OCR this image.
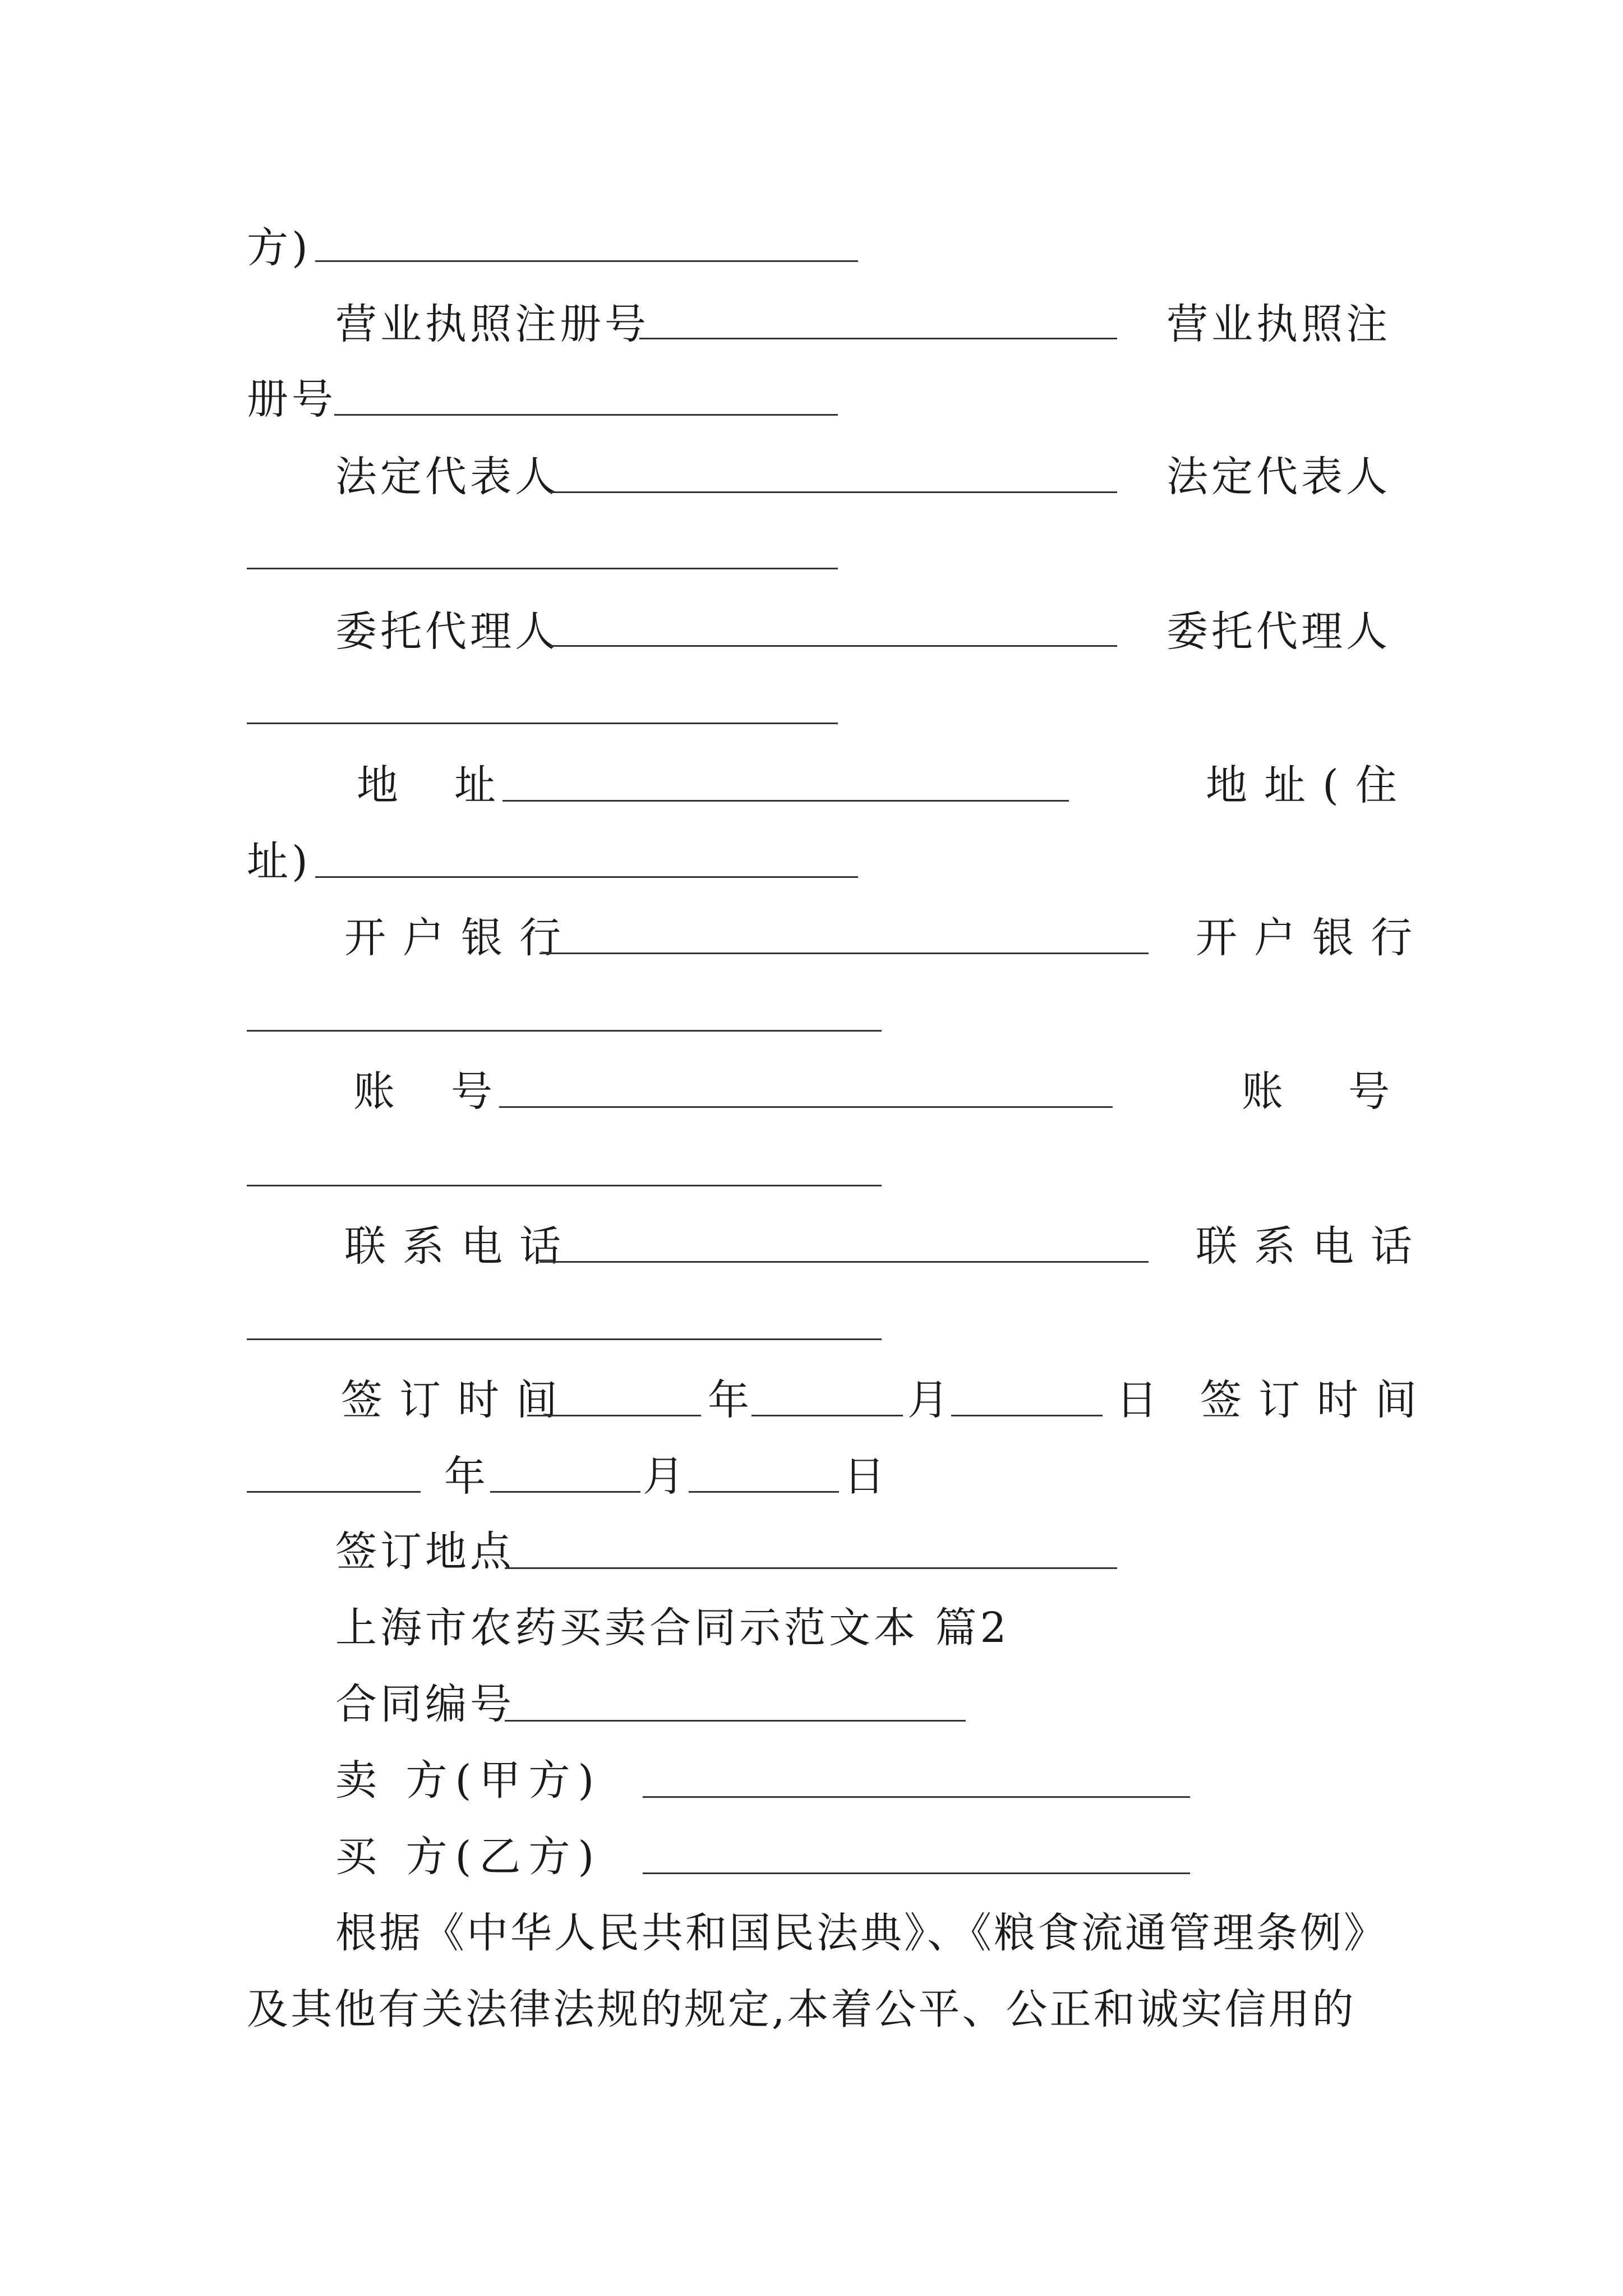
方)
营业执照注册号	营业执照注
册号
法定代表人	法定代表人
委托代理人	委托代理人
地 址	地址(住
址)
开户银行	开户银行
账 号	账 号
联系电话	联系电话
签订时间	年	月	日 签订时间
年	月	日
签订地点
上海市农药买卖合同示范文本 篇2
合同编号
卖 方(甲方)
买 方(乙方)
根据《中华人民共和国民法典》、《粮食流通管理条例》
及其他有关法律法规的规定,本着公平、公正和诚实信用的
